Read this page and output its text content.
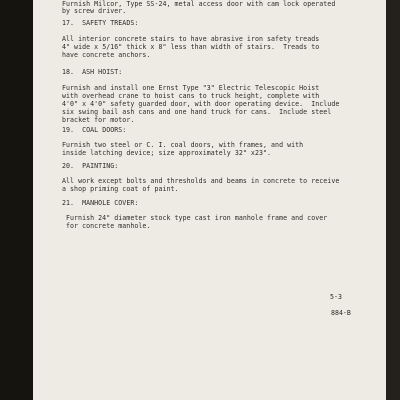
Furnish Milcor, Type SS-24, metal access door with cam lock operated
by screw driver.
17.  SAFETY TREADS:
All interior concrete stairs to have abrasive iron safety treads
4" wide x 5/16" thick x 8" less than width of stairs.  Treads to
have concrete anchors.
18.  ASH HOIST:
Furnish and install one Ernst Type "3" Electric Telescopic Hoist
with overhead crane to hoist cans to truck height, complete with
4'0" x 4'0" safety guarded door, with door operating device.  Include
six swing bail ash cans and one hand truck for cans.  Include steel
bracket for motor.
19.  COAL DOORS:
Furnish two steel or C. I. coal doors, with frames, and with
inside latching device; size approximately 32" x23".
20.  PAINTING:
All work except bolts and thresholds and beams in concrete to receive
a shop priming coat of paint.
21.  MANHOLE COVER:
Furnish 24" diameter stock type cast iron manhole frame and cover
for concrete manhole.
5-3
884-B
